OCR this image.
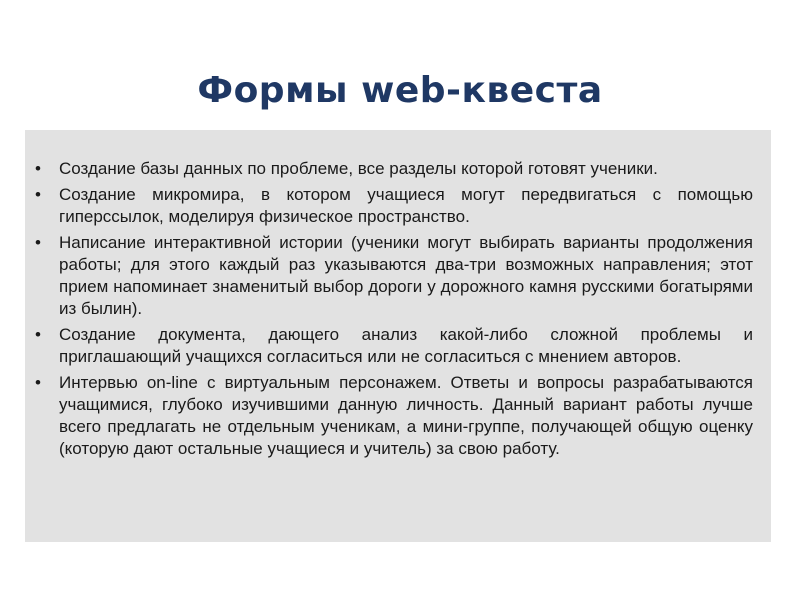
Формы web-квеста
• Создание базы данных по проблеме, все разделы которой готовят ученики.
• Создание микромира, в котором учащиеся могут передвигаться с помощью гиперссылок, моделируя физическое пространство.
• Написание интерактивной истории (ученики могут выбирать варианты продолжения работы; для этого каждый раз указываются два-три возможных направления; этот прием напоминает знаменитый выбор дороги у дорожного камня русскими богатырями из былин).
• Создание документа, дающего анализ какой-либо сложной проблемы и приглашающий учащихся согласиться или не согласиться с мнением авторов.
• Интервью on-line с виртуальным персонажем. Ответы и вопросы разрабатываются учащимися, глубоко изучившими данную личность. Данный вариант работы лучше всего предлагать не отдельным ученикам, а мини-группе, получающей общую оценку (которую дают остальные учащиеся и учитель) за свою работу.
